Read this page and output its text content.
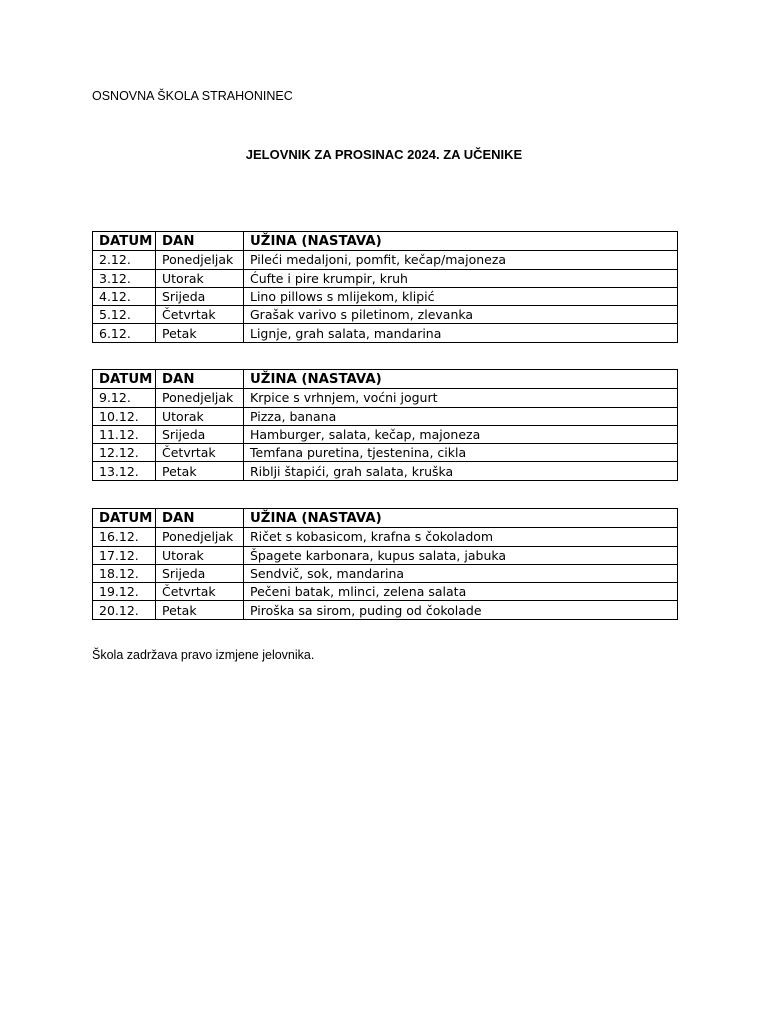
OSNOVNA ŠKOLA STRAHONINEC

JELOVNIK ZA PROSINAC 2024. ZA UČENIKE
DATUM	DAN	UŽINA (NASTAVA)
2.12.	Ponedjeljak	Pileći medaljoni, pomfit, kečap/majoneza
3.12.	Utorak	Ćufte i pire krumpir, kruh
4.12.	Srijeda	Lino pillows s mlijekom, klipić
5.12.	Četvrtak	Grašak varivo s piletinom, zlevanka
6.12.	Petak	Lignje, grah salata, mandarina
DATUM	DAN	UŽINA (NASTAVA)
9.12.	Ponedjeljak	Krpice s vrhnjem, voćni jogurt
10.12.	Utorak	Pizza, banana
11.12.	Srijeda	Hamburger, salata, kečap, majoneza
12.12.	Četvrtak	Temfana puretina, tjestenina, cikla
13.12.	Petak	Riblji štapići, grah salata, kruška
DATUM	DAN	UŽINA (NASTAVA)
16.12.	Ponedjeljak	Ričet s kobasicom, krafna s čokoladom
17.12.	Utorak	Špagete karbonara, kupus salata, jabuka
18.12.	Srijeda	Sendvič, sok, mandarina
19.12.	Četvrtak	Pečeni batak, mlinci, zelena salata
20.12.	Petak	Piroška sa sirom, puding od čokolade

Škola zadržava pravo izmjene jelovnika.
